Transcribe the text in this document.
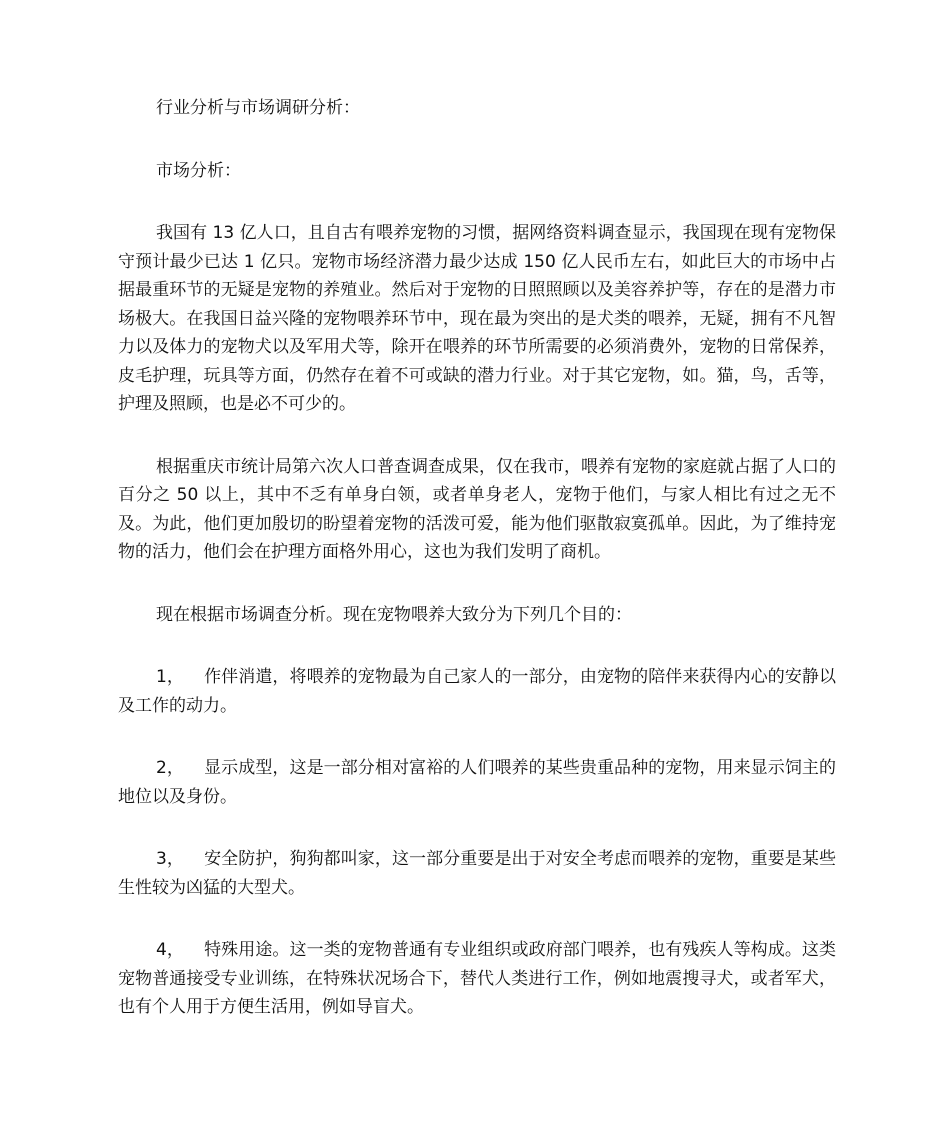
行业分析与市场调研分析：

市场分析：

我国有 13 亿人口，且自古有喂养宠物的习惯，据网络资料调查显示，我国现在现有宠物保守预计最少已达 1 亿只。宠物市场经济潜力最少达成 150 亿人民币左右，如此巨大的市场中占据最重环节的无疑是宠物的养殖业。然后对于宠物的日照照顾以及美容养护等，存在的是潜力市场极大。在我国日益兴隆的宠物喂养环节中，现在最为突出的是犬类的喂养，无疑，拥有不凡智力以及体力的宠物犬以及军用犬等，除开在喂养的环节所需要的必须消费外，宠物的日常保养，皮毛护理，玩具等方面，仍然存在着不可或缺的潜力行业。对于其它宠物，如。猫，鸟，舌等，护理及照顾，也是必不可少的。

根据重庆市统计局第六次人口普查调查成果，仅在我市，喂养有宠物的家庭就占据了人口的百分之 50 以上，其中不乏有单身白领，或者单身老人，宠物于他们，与家人相比有过之无不及。为此，他们更加殷切的盼望着宠物的活泼可爱，能为他们驱散寂寞孤单。因此，为了维持宠物的活力，他们会在护理方面格外用心，这也为我们发明了商机。

现在根据市场调查分析。现在宠物喂养大致分为下列几个目的：

1， 作伴消遣，将喂养的宠物最为自己家人的一部分，由宠物的陪伴来获得内心的安静以及工作的动力。

2， 显示成型，这是一部分相对富裕的人们喂养的某些贵重品种的宠物，用来显示饲主的地位以及身份。

3， 安全防护，狗狗都叫家，这一部分重要是出于对安全考虑而喂养的宠物，重要是某些生性较为凶猛的大型犬。

4， 特殊用途。这一类的宠物普通有专业组织或政府部门喂养，也有残疾人等构成。这类宠物普通接受专业训练，在特殊状况场合下，替代人类进行工作，例如地震搜寻犬，或者军犬，也有个人用于方便生活用，例如导盲犬。
